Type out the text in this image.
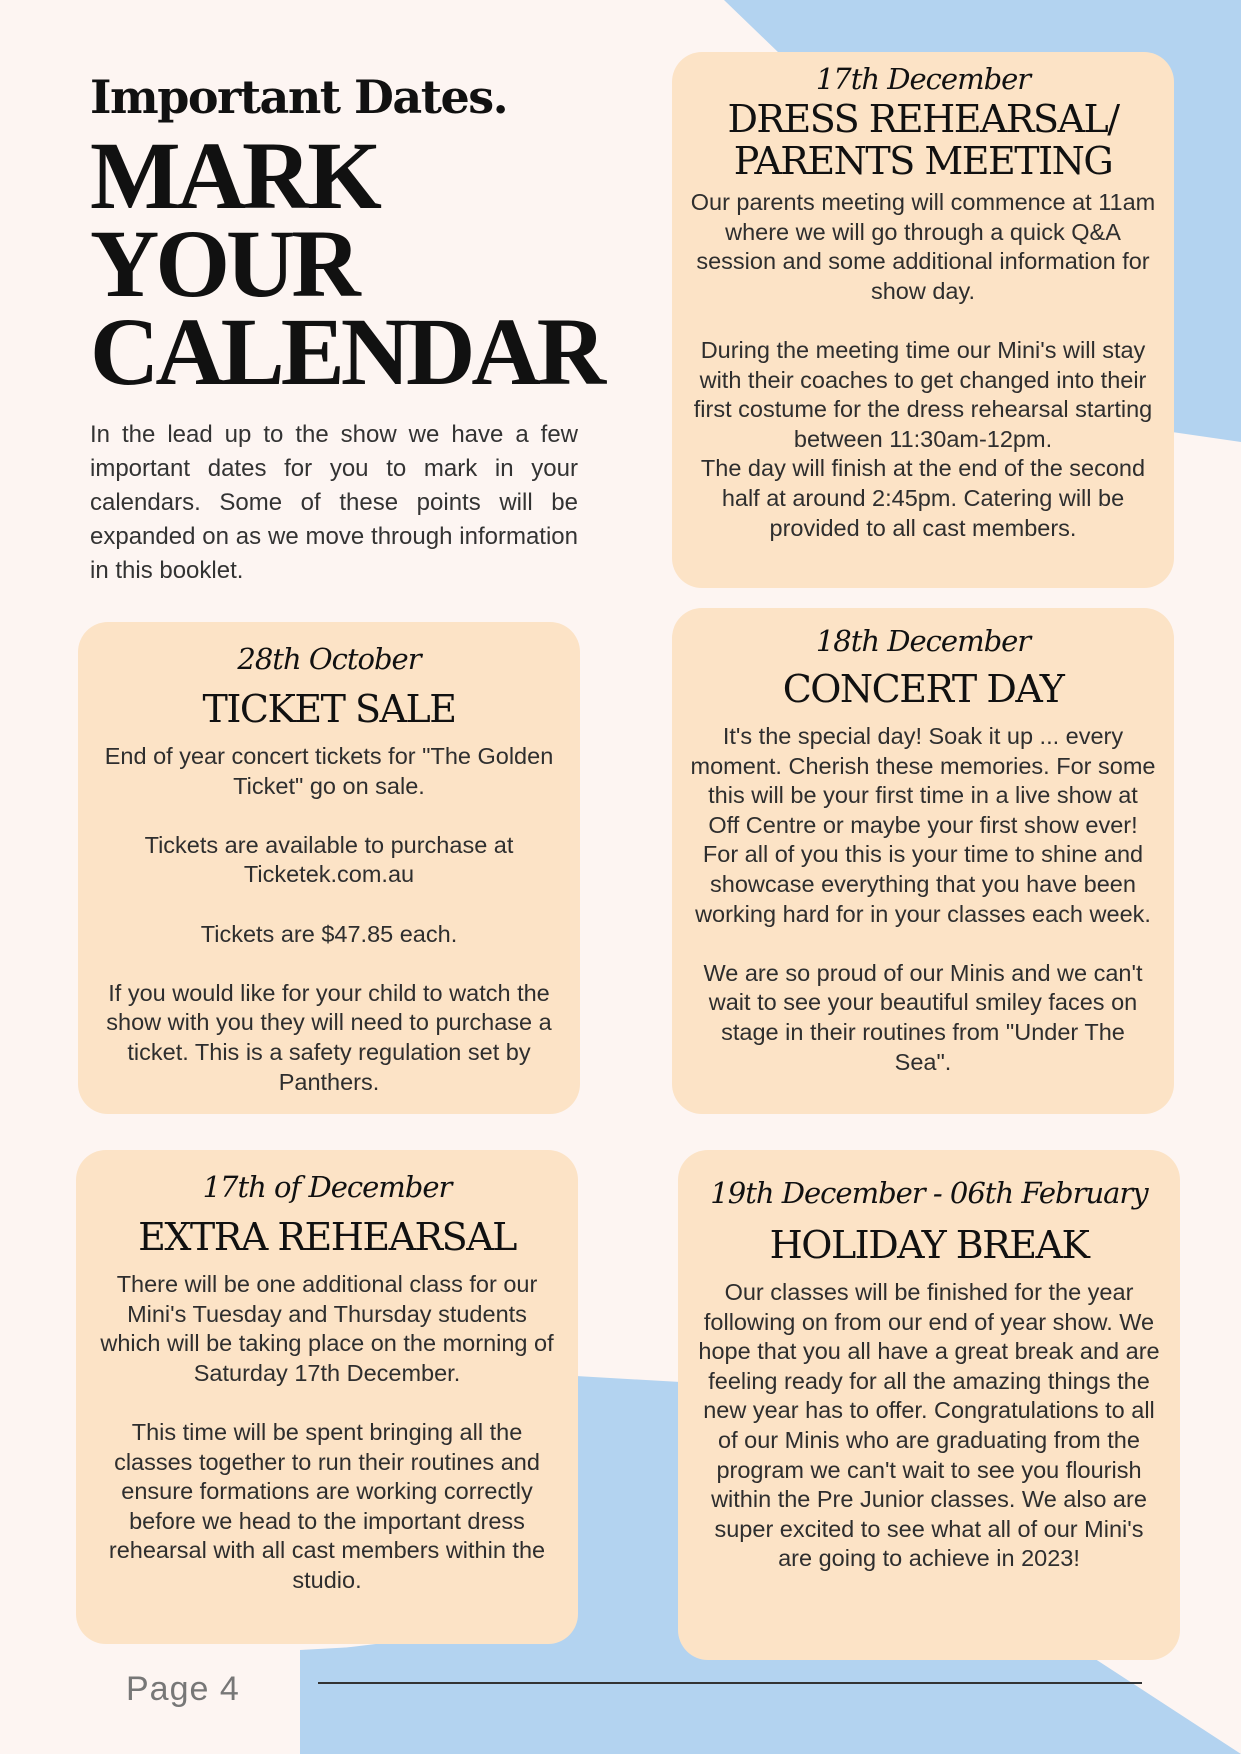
Important Dates.
MARK
YOUR
CALENDAR

In the lead up to the show we have a few important dates for you to mark in your calendars. Some of these points will be expanded on as we move through information in this booklet.

17th December

DRESS REHEARSAL/
PARENTS MEETING

Our parents meeting will commence at 11am where we will go through a quick Q&A session and some additional information for show day.

During the meeting time our Mini's will stay with their coaches to get changed into their first costume for the dress rehearsal starting between 11:30am-12pm.

The day will finish at the end of the second half at around 2:45pm. Catering will be provided to all cast members.

28th October

TICKET SALE

End of year concert tickets for "The Golden Ticket" go on sale.

Tickets are available to purchase at Ticketek.com.au

Tickets are $47.85 each.

If you would like for your child to watch the show with you they will need to purchase a ticket. This is a safety regulation set by Panthers.

18th December

CONCERT DAY

It's the special day! Soak it up ... every moment. Cherish these memories. For some this will be your first time in a live show at Off Centre or maybe your first show ever! For all of you this is your time to shine and showcase everything that you have been working hard for in your classes each week.

We are so proud of our Minis and we can't wait to see your beautiful smiley faces on stage in their routines from "Under The Sea".

17th of December

EXTRA REHEARSAL

There will be one additional class for our Mini's Tuesday and Thursday students which will be taking place on the morning of Saturday 17th December.

This time will be spent bringing all the classes together to run their routines and ensure formations are working correctly before we head to the important dress rehearsal with all cast members within the studio.

19th December - 06th February

HOLIDAY BREAK

Our classes will be finished for the year following on from our end of year show. We hope that you all have a great break and are feeling ready for all the amazing things the new year has to offer. Congratulations to all of our Minis who are graduating from the program we can't wait to see you flourish within the Pre Junior classes. We also are super excited to see what all of our Mini's are going to achieve in 2023!

Page 4
